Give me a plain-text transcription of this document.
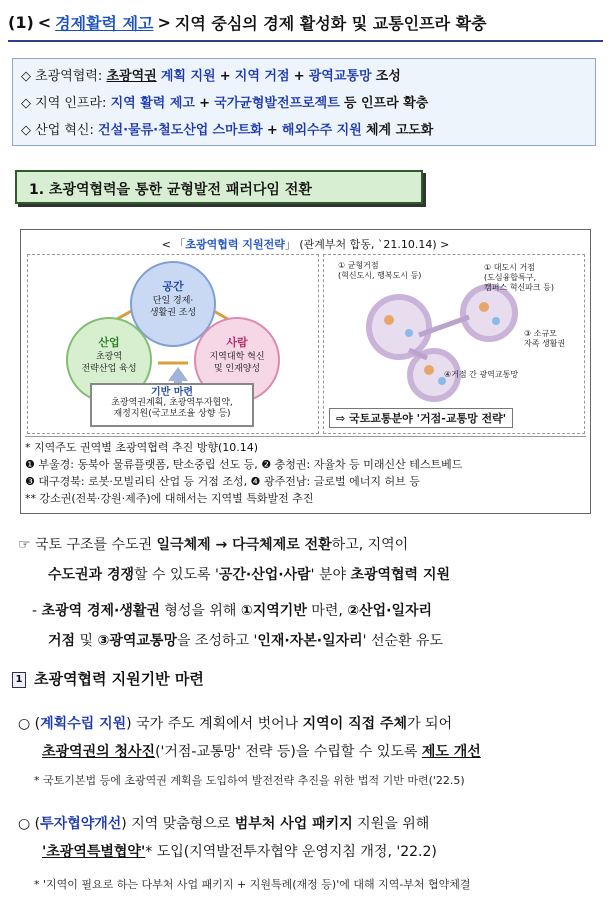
(1) < 경제활력 제고 > 지역 중심의 경제 활성화 및 교통인프라 확충
◇ 초광역협력: 초광역권 계획 지원 + 지역 거점 + 광역교통망 조성
◇ 지역 인프라: 지역 활력 제고 + 국가균형발전프로젝트 등 인프라 확충
◇ 산업 혁신: 건설·물류·철도산업 스마트화 + 해외수주 지원 체계 고도화
1. 초광역협력을 통한 균형발전 패러다임 전환
< 「초광역협력 지원전략」 (관계부처 합동, `21.10.14) >
공간
단일 경제·
생활권 조성
산업
초광역
전략산업 육성
사람
지역대학 혁신
및 인재양성
기반 마련
초광역권계획, 초광역투자협약,
재정지원(국고보조율 상향 등)
① 균형거점
(혁신도시, 행복도시 등)
① 대도시 거점
(도심융합특구,
캠퍼스 혁신파크 등)
③ 소규모
자족 생활권
④거점 간 광역교통망
⇨ 국토교통분야 '거점-교통망 전략'
* 지역주도 권역별 초광역협력 추진 방향(10.14)
❶ 부울경: 동북아 물류플랫폼, 탄소중립 선도 등, ❷ 충청권: 자율차 등 미래신산 테스트베드
❸ 대구경북: 로봇·모빌리티 산업 등 거점 조성, ❹ 광주전남: 글로벌 에너지 허브 등
** 강소권(전북·강원·제주)에 대해서는 지역별 특화발전 추진
☞ 국토 구조를 수도권 일극체제 → 다극체제로 전환하고, 지역이
수도권과 경쟁할 수 있도록 '공간·산업·사람' 분야 초광역협력 지원
- 초광역 경제·생활권 형성을 위해 ①지역기반 마련, ②산업·일자리
거점 및 ③광역교통망을 조성하고 '인재·자본·일자리' 선순환 유도
1 초광역협력 지원기반 마련
○ (계획수립 지원) 국가 주도 계획에서 벗어나 지역이 직접 주체가 되어
초광역권의 청사진('거점-교통망' 전략 등)을 수립할 수 있도록 제도 개선
* 국토기본법 등에 초광역권 계획을 도입하여 발전전략 추진을 위한 법적 기반 마련('22.5)
○ (투자협약개선) 지역 맞춤형으로 범부처 사업 패키지 지원을 위해
'초광역특별협약'* 도입(지역발전투자협약 운영지침 개정, '22.2)
* '지역이 필요로 하는 다부처 사업 패키지 + 지원특례(재정 등)'에 대해 지역-부처 협약체결
